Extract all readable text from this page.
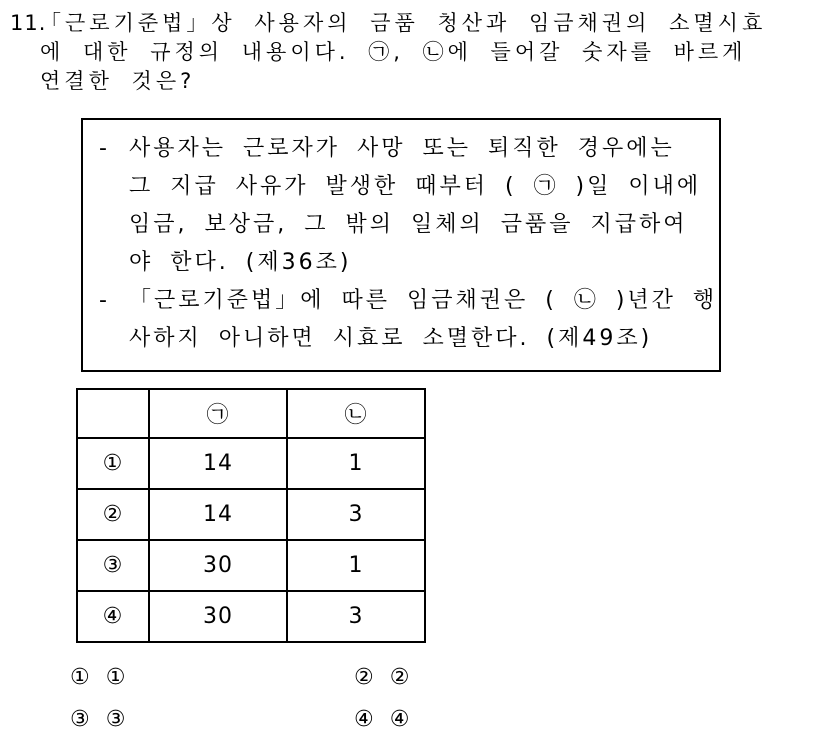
11.
「근로기준법」상 사용자의 금품 청산과 임금채권의 소멸시효
에 대한 규정의 내용이다. ㉠, ㉡에 들어갈 숫자를 바르게
연결한 것은?
- 사용자는 근로자가 사망 또는 퇴직한 경우에는
그 지급 사유가 발생한 때부터 ( ㉠ )일 이내에
임금, 보상금, 그 밖의 일체의 금품을 지급하여
야 한다. (제36조)
- 「근로기준법」에 따른 임금채권은 ( ㉡ )년간 행
사하지 아니하면 시효로 소멸한다. (제49조)
	㉠	㉡
①	14	1
②	14	3
③	30	1
④	30	3
① ①	② ②
③ ③	④ ④
